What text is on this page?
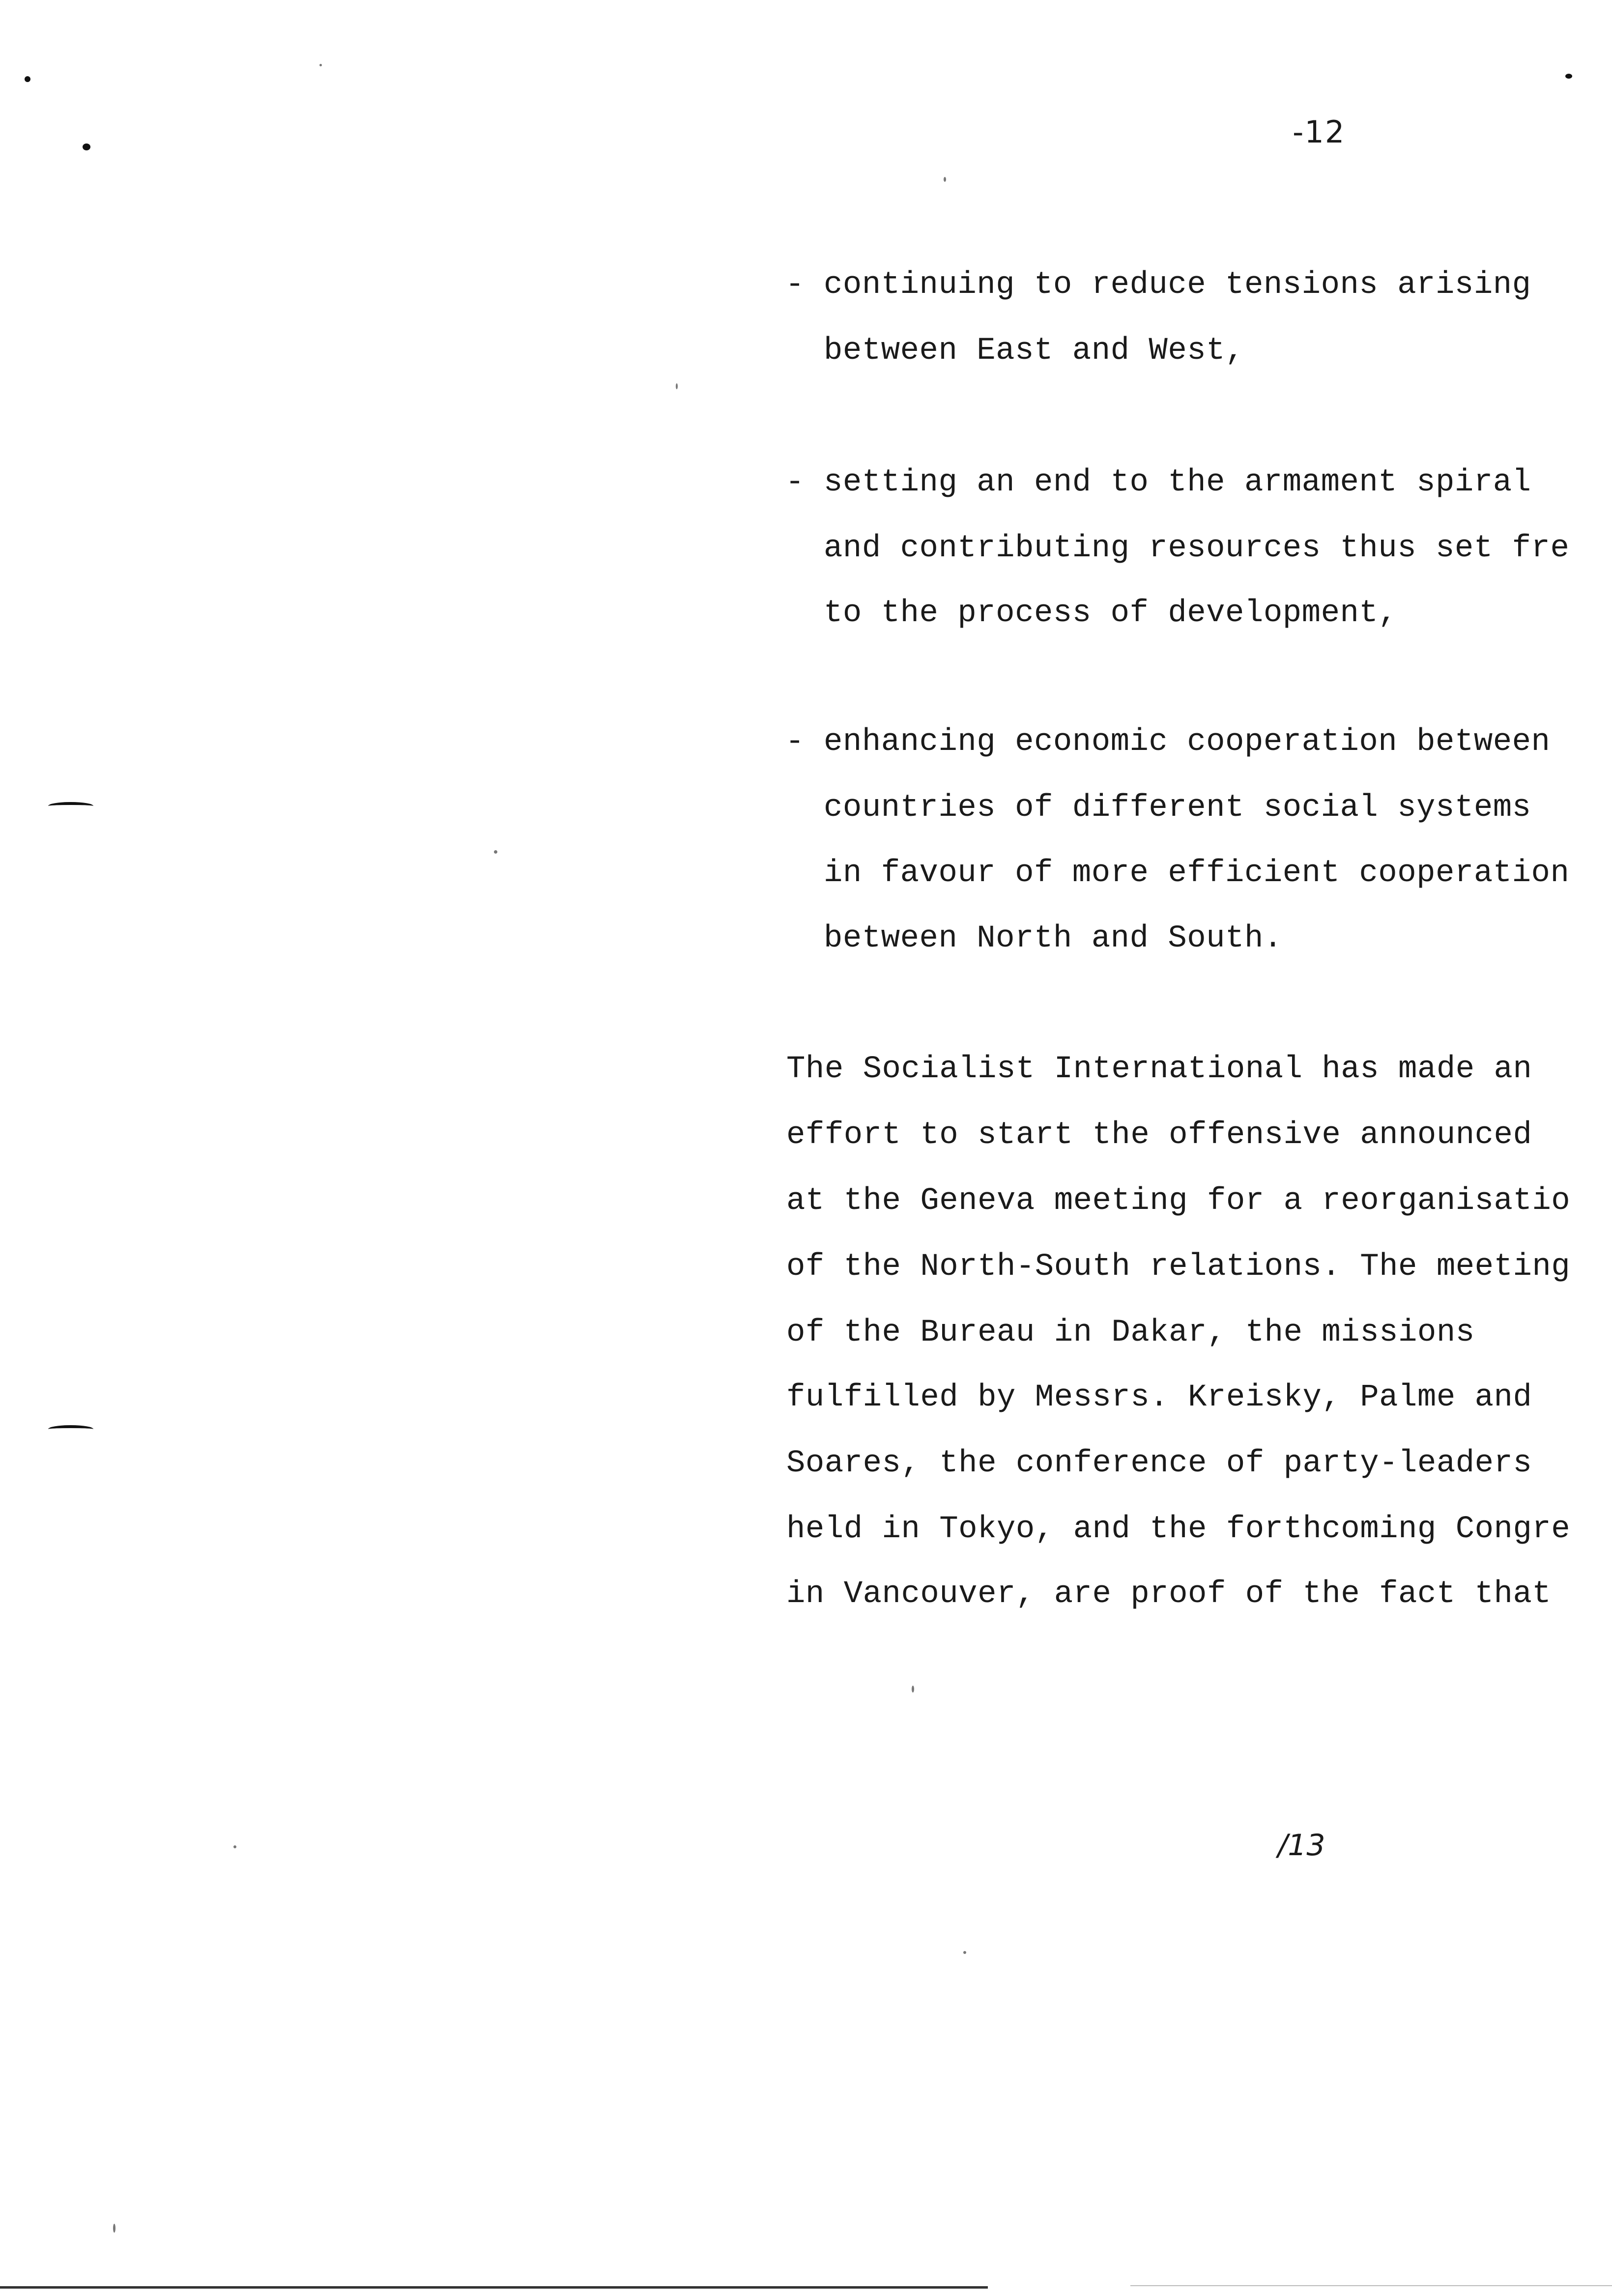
-12
- continuing to reduce tensions arising
between East and West,
- setting an end to the armament spiral
and contributing resources thus set fre
to the process of development,
- enhancing economic cooperation between
countries of different social systems
in favour of more efficient cooperation
between North and South.
The Socialist International has made an
effort to start the offensive announced
at the Geneva meeting for a reorganisatio
of the North-South relations. The meeting
of the Bureau in Dakar, the missions
fulfilled by Messrs. Kreisky, Palme and
Soares, the conference of party-leaders
held in Tokyo, and the forthcoming Congre
in Vancouver, are proof of the fact that
/13
